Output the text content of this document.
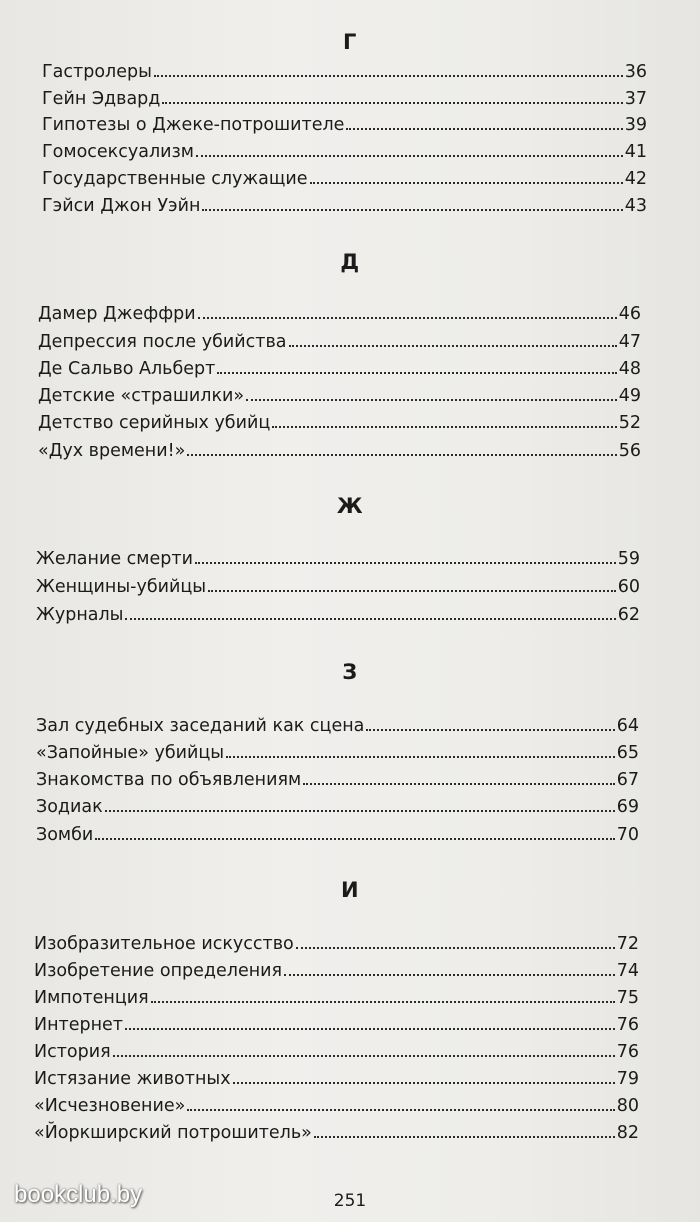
Г
Гастролеры	36
Гейн Эдвард	37
Гипотезы о Джеке-потрошителе	39
Гомосексуализм	41
Государственные служащие	42
Гэйси Джон Уэйн	43
Д
Дамер Джеффри	46
Депрессия после убийства	47
Де Сальво Альберт	48
Детские «страшилки»	49
Детство серийных убийц	52
«Дух времени!»	56
Ж
Желание смерти	59
Женщины-убийцы	60
Журналы	62
З
Зал судебных заседаний как сцена	64
«Запойные» убийцы	65
Знакомства по объявлениям	67
Зодиак	69
Зомби	70
И
Изобразительное искусство	72
Изобретение определения	74
Импотенция	75
Интернет	76
История	76
Истязание животных	79
«Исчезновение»	80
«Йоркширский потрошитель»	82
251
bookclub.by
